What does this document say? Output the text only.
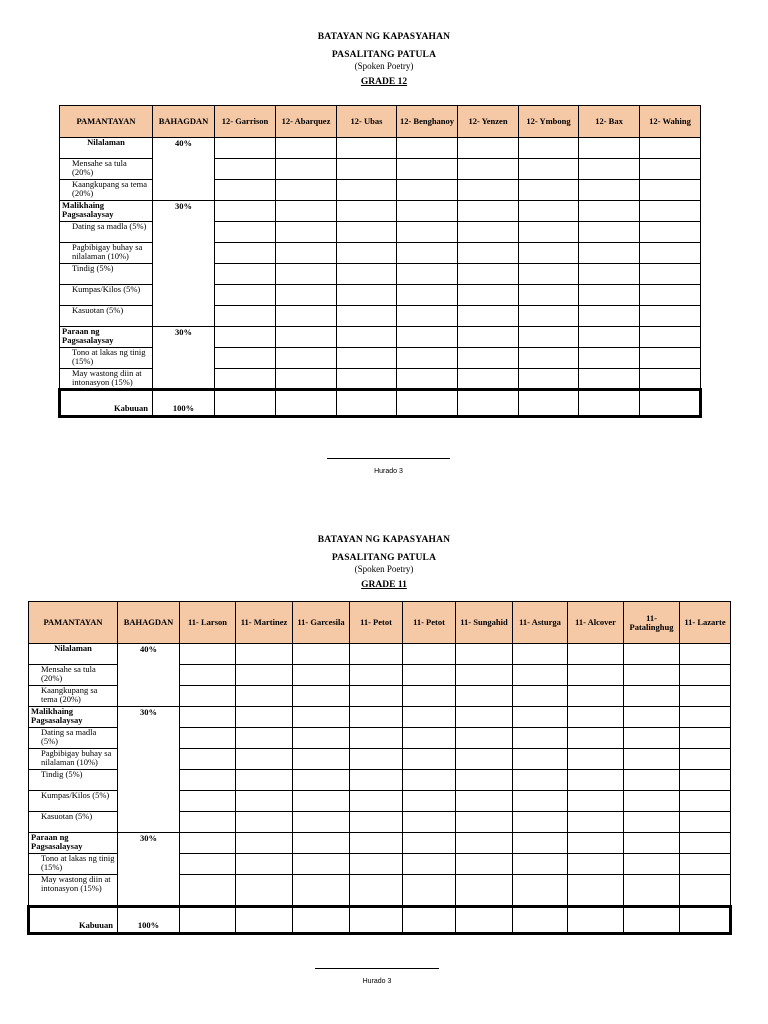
BATAYAN NG KAPASYAHAN
PASALITANG PATULA
(Spoken Poetry)
GRADE 12
PAMANTAYAN	BAHAGDAN	12- Garrison	12- Abarquez	12- Ubas	12- Benghanoy	12- Yenzen	12- Ymbong	12- Bax	12- Wahing
Nilalaman	40%								
Mensahe sa tula (20%)									
Kaangkupang sa tema (20%)									
Malikhaing Pagsasalaysay	30%								
Dating sa madla (5%)									
Pagbibigay buhay sa nilalaman (10%)									
Tindig (5%)									
Kumpas/Kilos (5%)									
Kasuotan (5%)									
Paraan ng Pagsasalaysay	30%								
Tono at lakas ng tinig (15%)									
May wastong diin at intonasyon (15%)									
Kabuuan	100%								
Hurado 3
BATAYAN NG KAPASYAHAN
PASALITANG PATULA
(Spoken Poetry)
GRADE 11
PAMANTAYAN	BAHAGDAN	11- Larson	11- Martinez	11- Garcesila	11- Petot	11- Petot	11- Sungahid	11- Asturga	11- Alcover	11- Patalinghug	11- Lazarte
Nilalaman	40%										
Mensahe sa tula (20%)											
Kaangkupang sa tema (20%)											
Malikhaing Pagsasalaysay	30%										
Dating sa madla (5%)											
Pagbibigay buhay sa nilalaman (10%)											
Tindig (5%)											
Kumpas/Kilos (5%)											
Kasuotan (5%)											
Paraan ng Pagsasalaysay	30%										
Tono at lakas ng tinig (15%)											
May wastong diin at intonasyon (15%)											
Kabuuan	100%										
Hurado 3
